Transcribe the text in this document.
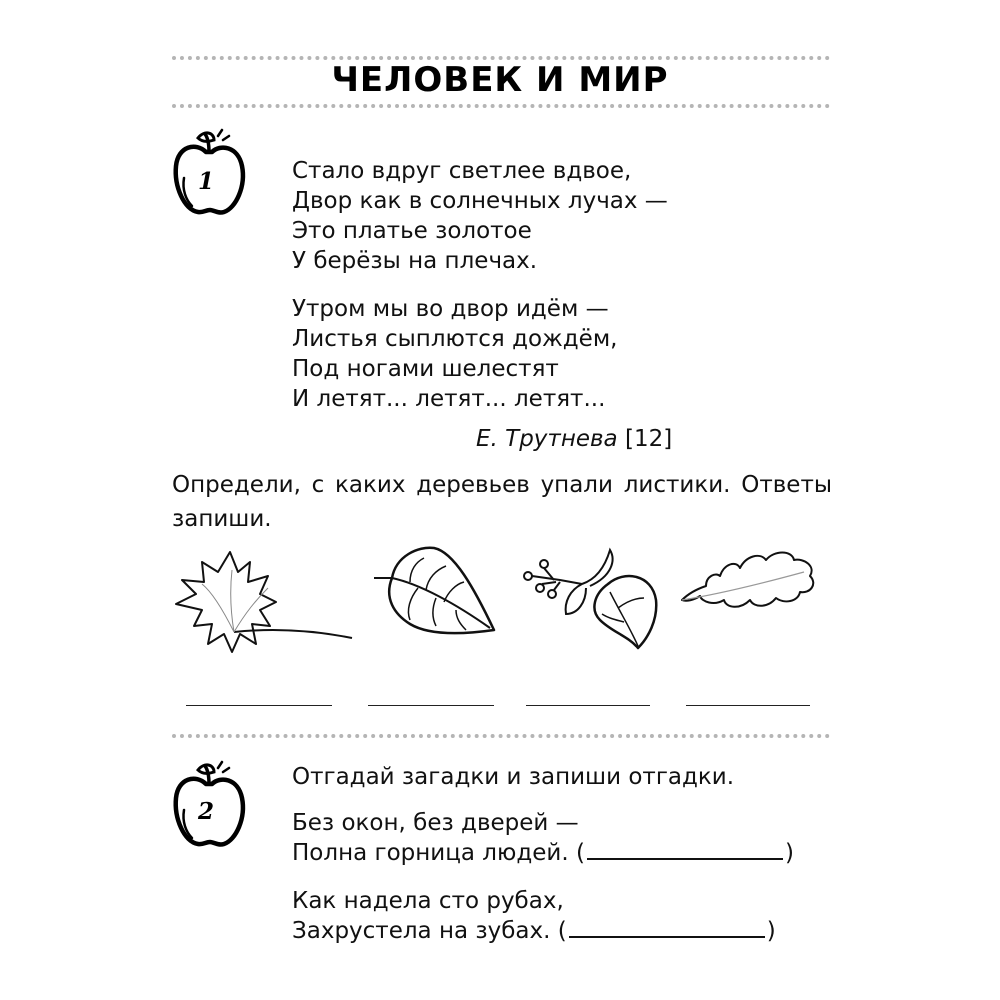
ЧЕЛОВЕК И МИР
1	Стало вдруг светлее вдвое,
Двор как в солнечных лучах —
Это платье золотое
У берёзы на плечах.
Утром мы во двор идём —
Листья сыплются дождём,
Под ногами шелестят
И летят... летят... летят...
Е. Трутнева [12]
Определи, с каких деревьев упали листики. Ответы запиши.
2
Отгадай загадки и запиши отгадки.
Без окон, без дверей —
Полна горница людей. (	)
Как надела сто рубах,
Захрустела на зубах. (	)
